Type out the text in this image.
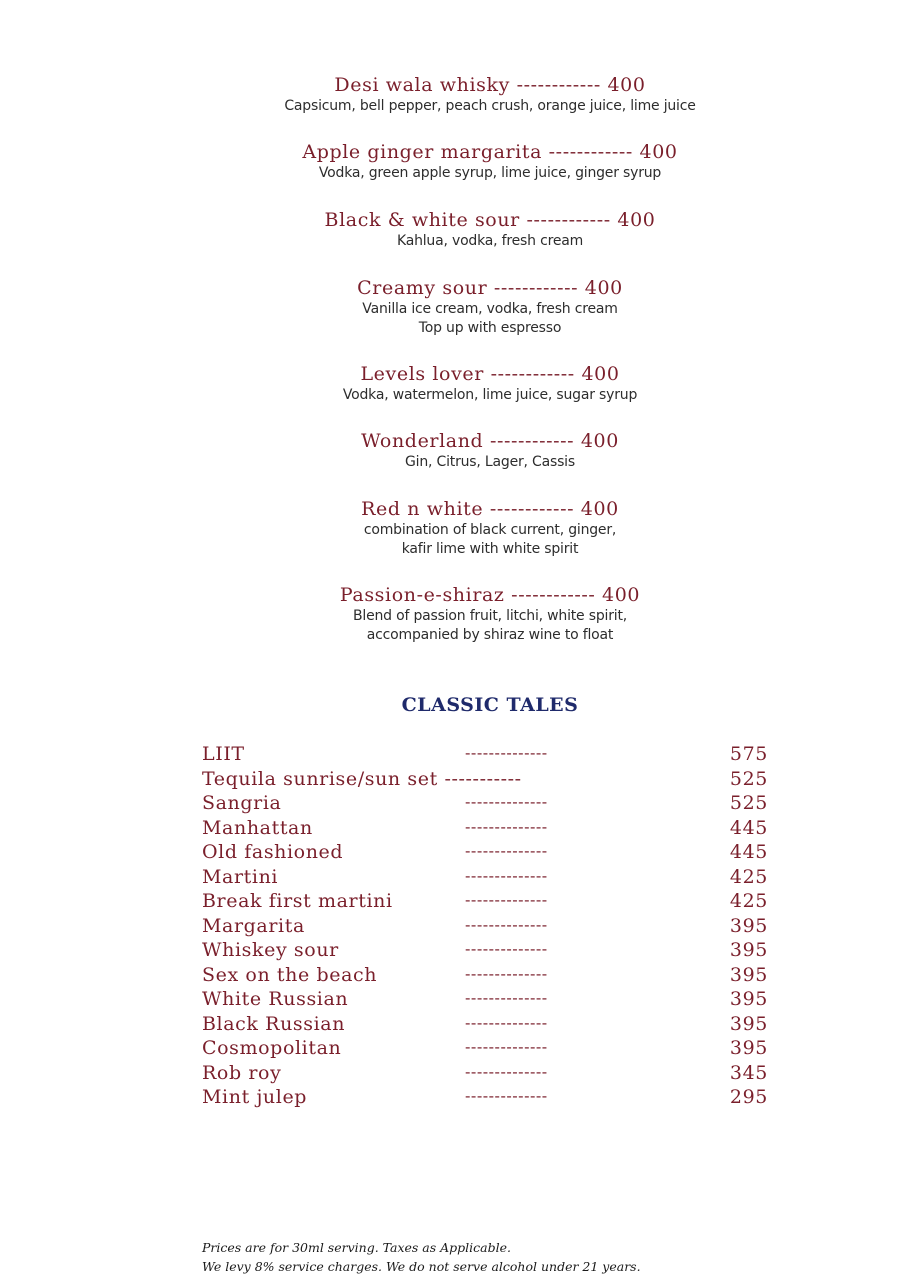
Desi wala whisky ------------ 400
Capsicum, bell pepper, peach crush, orange juice, lime juice
Apple ginger margarita ------------ 400
Vodka, green apple syrup, lime juice, ginger syrup
Black & white sour ------------ 400
Kahlua, vodka, fresh cream
Creamy sour ------------ 400
Vanilla ice cream, vodka, fresh cream
Top up with espresso
Levels lover ------------ 400
Vodka, watermelon, lime juice, sugar syrup
Wonderland ------------ 400
Gin, Citrus, Lager, Cassis
Red n white ------------ 400
combination of black current, ginger,
kafir lime with white spirit
Passion-e-shiraz ------------ 400
Blend of passion fruit, litchi, white spirit,
accompanied by shiraz wine to float
CLASSIC TALES
LIIT	--------------	575
Tequila sunrise/sun set -----------	525
Sangria	--------------	525
Manhattan	--------------	445
Old fashioned	--------------	445
Martini	--------------	425
Break first martini	--------------	425
Margarita	--------------	395
Whiskey sour	--------------	395
Sex on the beach	--------------	395
White Russian	--------------	395
Black Russian	--------------	395
Cosmopolitan	--------------	395
Rob roy	--------------	345
Mint julep	--------------	295
Prices are for 30ml serving. Taxes as Applicable.
We levy 8% service charges. We do not serve alcohol under 21 years.
